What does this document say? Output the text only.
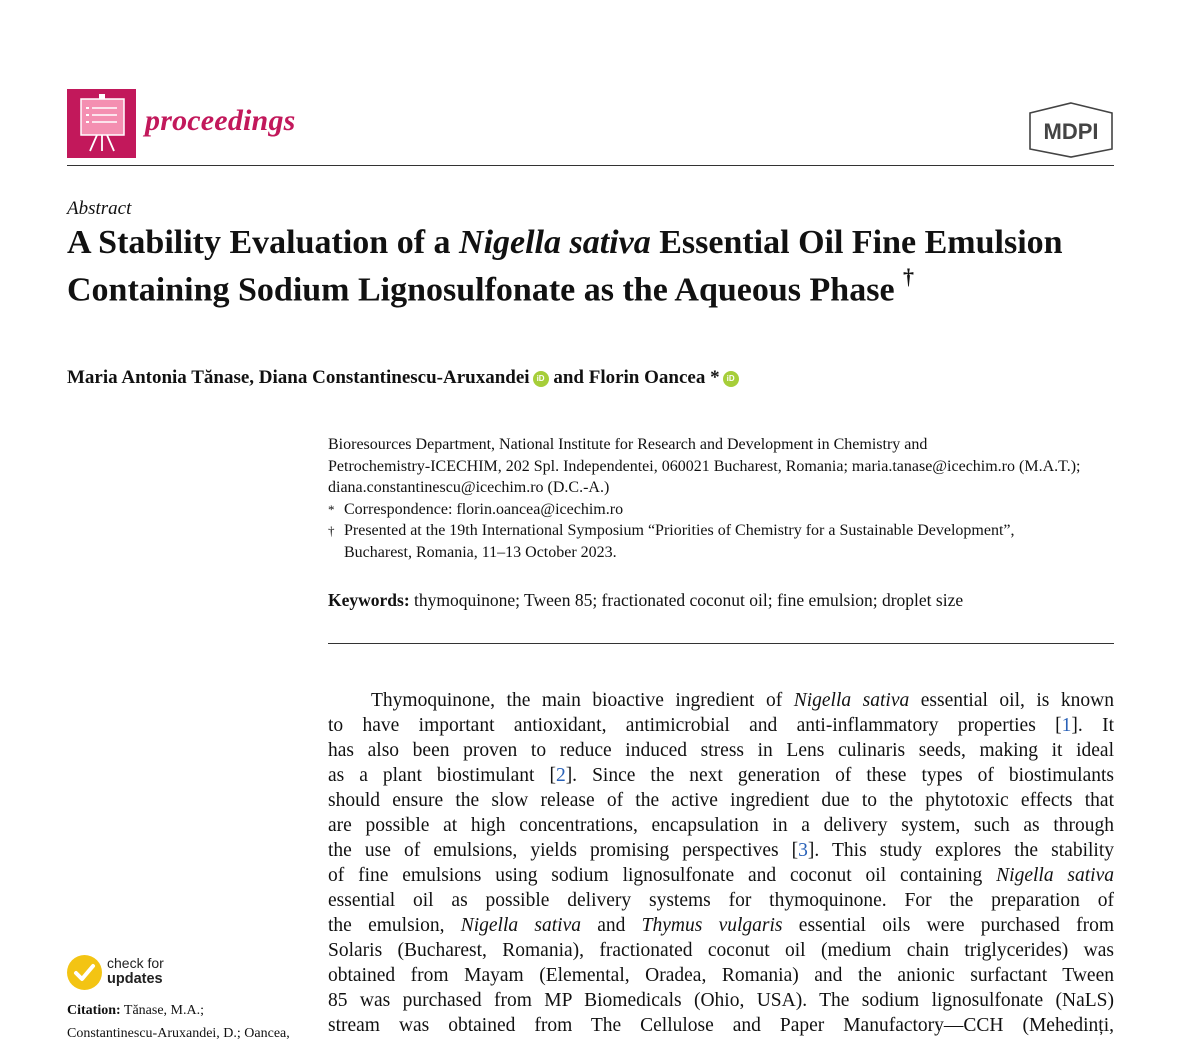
proceedings	MDPI
Abstract
A Stability Evaluation of a Nigella sativa Essential Oil Fine Emulsion Containing Sodium Lignosulfonate as the Aqueous Phase †
Maria Antonia Tănase, Diana Constantinescu-Aruxandei iD and Florin Oancea * iD
Bioresources Department, National Institute for Research and Development in Chemistry and
Petrochemistry-ICECHIM, 202 Spl. Independentei, 060021 Bucharest, Romania; maria.tanase@icechim.ro (M.A.T.);
diana.constantinescu@icechim.ro (D.C.-A.)
* Correspondence: florin.oancea@icechim.ro
† Presented at the 19th International Symposium “Priorities of Chemistry for a Sustainable Development”,
Bucharest, Romania, 11–13 October 2023.
Keywords: thymoquinone; Tween 85; fractionated coconut oil; fine emulsion; droplet size
Thymoquinone, the main bioactive ingredient of Nigella sativa essential oil, is known
to have important antioxidant, antimicrobial and anti-inflammatory properties [1]. It
has also been proven to reduce induced stress in Lens culinaris seeds, making it ideal
as a plant biostimulant [2]. Since the next generation of these types of biostimulants
should ensure the slow release of the active ingredient due to the phytotoxic effects that
are possible at high concentrations, encapsulation in a delivery system, such as through
the use of emulsions, yields promising perspectives [3]. This study explores the stability
of fine emulsions using sodium lignosulfonate and coconut oil containing Nigella sativa
essential oil as possible delivery systems for thymoquinone. For the preparation of
the emulsion, Nigella sativa and Thymus vulgaris essential oils were purchased from
Solaris (Bucharest, Romania), fractionated coconut oil (medium chain triglycerides) was
obtained from Mayam (Elemental, Oradea, Romania) and the anionic surfactant Tween
85 was purchased from MP Biomedicals (Ohio, USA). The sodium lignosulfonate (NaLS)
stream was obtained from The Cellulose and Paper Manufactory—CCH (Mehedinți,
check for
updates
Citation: Tănase, M.A.;
Constantinescu-Aruxandei, D.; Oancea,
